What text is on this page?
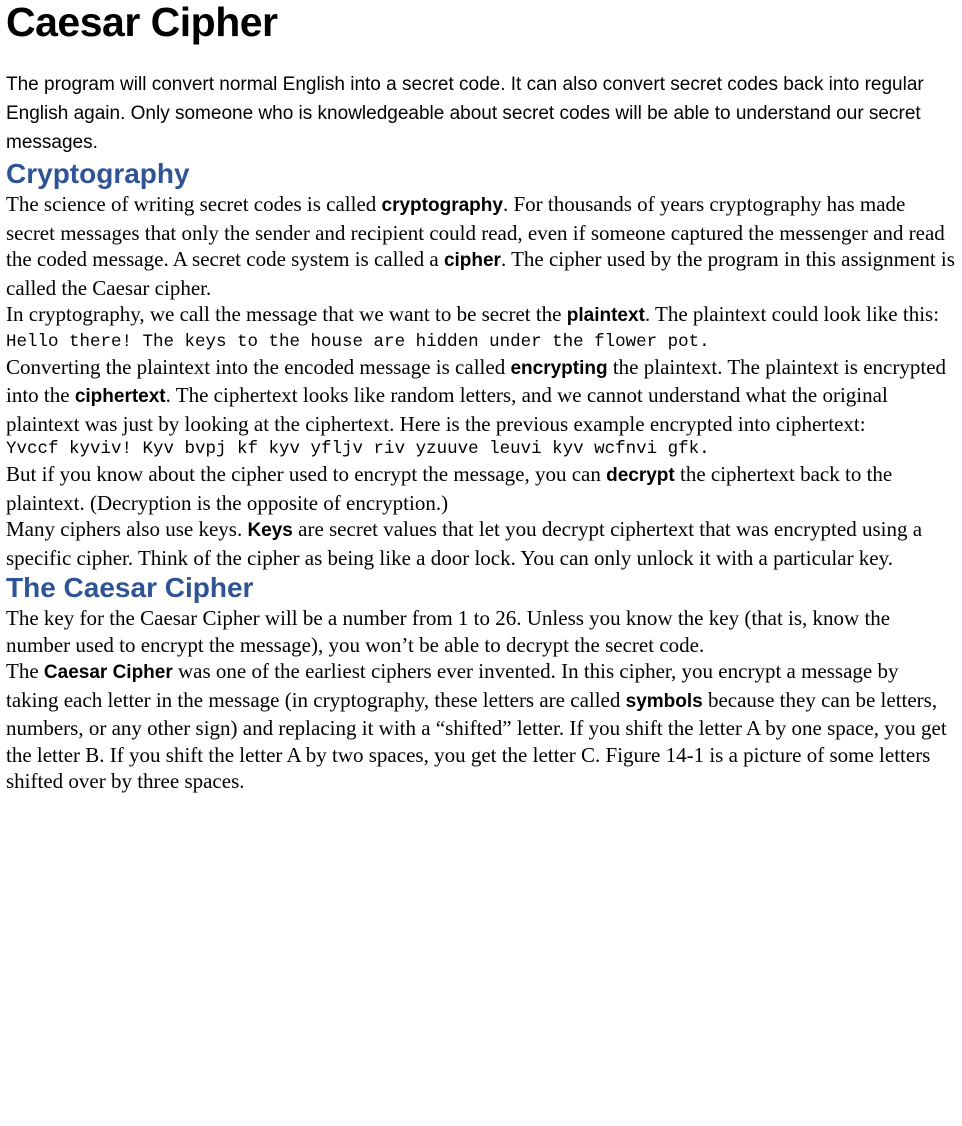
Caesar Cipher

The program will convert normal English into a secret code. It can also convert secret codes back into regular English again. Only someone who is knowledgeable about secret codes will be able to understand our secret messages.

Cryptography

The science of writing secret codes is called cryptography. For thousands of years cryptography has made secret messages that only the sender and recipient could read, even if someone captured the messenger and read the coded message. A secret code system is called a cipher. The cipher used by the program in this assignment is called the Caesar cipher.

In cryptography, we call the message that we want to be secret the plaintext. The plaintext could look like this:

Hello there! The keys to the house are hidden under the flower pot.

Converting the plaintext into the encoded message is called encrypting the plaintext. The plaintext is encrypted into the ciphertext. The ciphertext looks like random letters, and we cannot understand what the original plaintext was just by looking at the ciphertext. Here is the previous example encrypted into ciphertext:

Yvccf kyviv! Kyv bvpj kf kyv yfljv riv yzuuve leuvi kyv wcfnvi gfk.

But if you know about the cipher used to encrypt the message, you can decrypt the ciphertext back to the plaintext. (Decryption is the opposite of encryption.)

Many ciphers also use keys. Keys are secret values that let you decrypt ciphertext that was encrypted using a specific cipher. Think of the cipher as being like a door lock. You can only unlock it with a particular key.

The Caesar Cipher

The key for the Caesar Cipher will be a number from 1 to 26. Unless you know the key (that is, know the number used to encrypt the message), you won’t be able to decrypt the secret code.

The Caesar Cipher was one of the earliest ciphers ever invented. In this cipher, you encrypt a message by taking each letter in the message (in cryptography, these letters are called symbols because they can be letters, numbers, or any other sign) and replacing it with a “shifted” letter. If you shift the letter A by one space, you get the letter B. If you shift the letter A by two spaces, you get the letter C. Figure 14-1 is a picture of some letters shifted over by three spaces.
